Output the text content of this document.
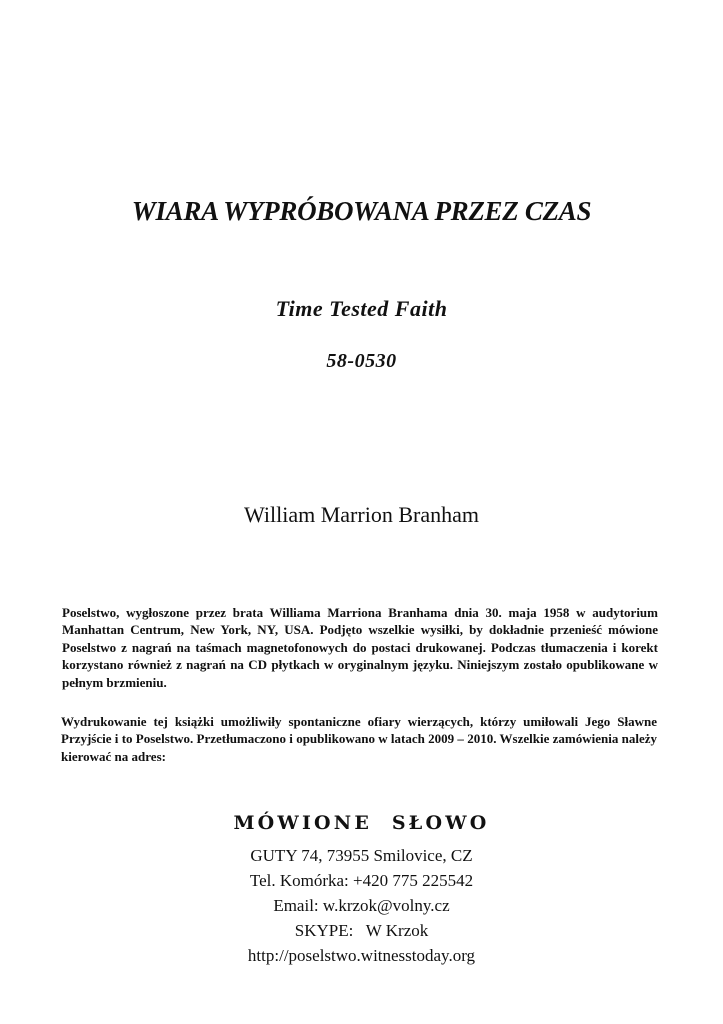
WIARA WYPRÓBOWANA PRZEZ CZAS
Time Tested Faith
58-0530
William Marrion Branham
Poselstwo, wygłoszone przez brata Williama Marriona Branhama dnia 30. maja 1958 w audytorium Manhattan Centrum, New York, NY, USA. Podjęto wszelkie wysiłki, by dokładnie przenieść mówione Poselstwo z nagrań na taśmach magnetofonowych do postaci drukowanej. Podczas tłumaczenia i korekt korzystano również z nagrań na CD płytkach w oryginalnym języku. Niniejszym zostało opublikowane w pełnym brzmieniu.
Wydrukowanie tej książki umożliwiły spontaniczne ofiary wierzących, którzy umiłowali Jego Sławne Przyjście i to Poselstwo. Przetłumaczono i opublikowano w latach 2009 – 2010. Wszelkie zamówienia należy kierować na adres:
MÓWIONE SŁOWO
GUTY 74, 73955 Smilovice, CZ
Tel. Komórka: +420 775 225542
Email: w.krzok@volny.cz
SKYPE:   W Krzok
http://poselstwo.witnesstoday.org
